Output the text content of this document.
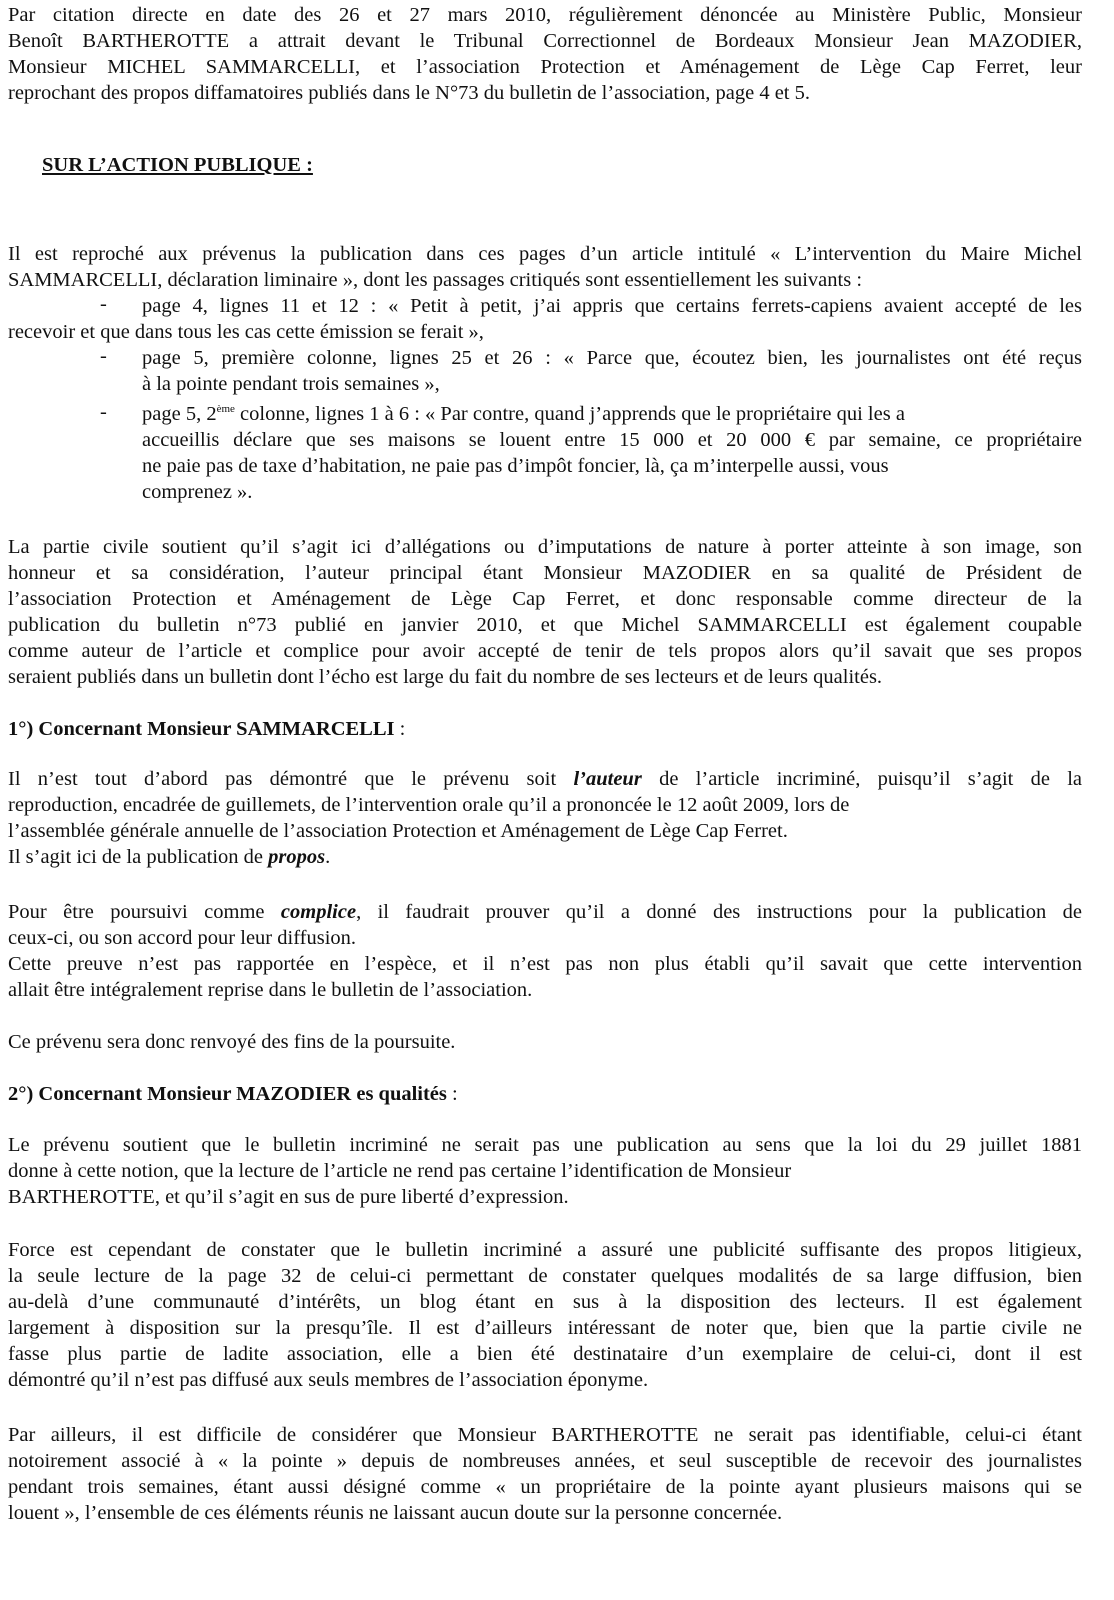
Par citation directe en date des 26 et 27 mars 2010, régulièrement dénoncée au Ministère Public, Monsieur
Benoît BARTHEROTTE a attrait devant le Tribunal Correctionnel de Bordeaux Monsieur Jean MAZODIER,
Monsieur MICHEL SAMMARCELLI, et l’association Protection et Aménagement de Lège Cap Ferret, leur
reprochant des propos diffamatoires publiés dans le N°73 du bulletin de l’association, page 4 et 5.
SUR L’ACTION PUBLIQUE :
Il est reproché aux prévenus la publication dans ces pages d’un article intitulé « L’intervention du Maire Michel
SAMMARCELLI, déclaration liminaire », dont les passages critiqués sont essentiellement les suivants :
- page 4, lignes 11 et 12 : « Petit à petit, j’ai appris que certains ferrets-capiens avaient accepté de les
recevoir et que dans tous les cas cette émission se ferait »,
- page 5, première colonne, lignes 25 et 26 : « Parce que, écoutez bien, les journalistes ont été reçus
à la pointe pendant trois semaines »,
- page 5, 2ème colonne, lignes 1 à 6 : « Par contre, quand j’apprends que le propriétaire qui les a
accueillis déclare que ses maisons se louent entre 15 000 et 20 000 € par semaine, ce propriétaire
ne paie pas de taxe d’habitation, ne paie pas d’impôt foncier, là, ça m’interpelle aussi, vous
comprenez ».
La partie civile soutient qu’il s’agit ici d’allégations ou d’imputations de nature à porter atteinte à son image, son
honneur et sa considération, l’auteur principal étant Monsieur MAZODIER en sa qualité de Président de
l’association Protection et Aménagement de Lège Cap Ferret, et donc responsable comme directeur de la
publication du bulletin n°73 publié en janvier 2010, et que Michel SAMMARCELLI est également coupable
comme auteur de l’article et complice pour avoir accepté de tenir de tels propos alors qu’il savait que ses propos
seraient publiés dans un bulletin dont l’écho est large du fait du nombre de ses lecteurs et de leurs qualités.
1°) Concernant Monsieur SAMMARCELLI :
Il n’est tout d’abord pas démontré que le prévenu soit l’auteur de l’article incriminé, puisqu’il s’agit de la
reproduction, encadrée de guillemets, de l’intervention orale qu’il a prononcée le 12 août 2009, lors de
l’assemblée générale annuelle de l’association Protection et Aménagement de Lège Cap Ferret.
Il s’agit ici de la publication de propos.
Pour être poursuivi comme complice, il faudrait prouver qu’il a donné des instructions pour la publication de
ceux-ci, ou son accord pour leur diffusion.
Cette preuve n’est pas rapportée en l’espèce, et il n’est pas non plus établi qu’il savait que cette intervention
allait être intégralement reprise dans le bulletin de l’association.
Ce prévenu sera donc renvoyé des fins de la poursuite.
2°) Concernant Monsieur MAZODIER es qualités :
Le prévenu soutient que le bulletin incriminé ne serait pas une publication au sens que la loi du 29 juillet 1881
donne à cette notion, que la lecture de l’article ne rend pas certaine l’identification de Monsieur
BARTHEROTTE, et qu’il s’agit en sus de pure liberté d’expression.
Force est cependant de constater que le bulletin incriminé a assuré une publicité suffisante des propos litigieux,
la seule lecture de la page 32 de celui-ci permettant de constater quelques modalités de sa large diffusion, bien
au-delà d’une communauté d’intérêts, un blog étant en sus à la disposition des lecteurs. Il est également
largement à disposition sur la presqu’île. Il est d’ailleurs intéressant de noter que, bien que la partie civile ne
fasse plus partie de ladite association, elle a bien été destinataire d’un exemplaire de celui-ci, dont il est
démontré qu’il n’est pas diffusé aux seuls membres de l’association éponyme.
Par ailleurs, il est difficile de considérer que Monsieur BARTHEROTTE ne serait pas identifiable, celui-ci étant
notoirement associé à « la pointe » depuis de nombreuses années, et seul susceptible de recevoir des journalistes
pendant trois semaines, étant aussi désigné comme « un propriétaire de la pointe ayant plusieurs maisons qui se
louent », l’ensemble de ces éléments réunis ne laissant aucun doute sur la personne concernée.
